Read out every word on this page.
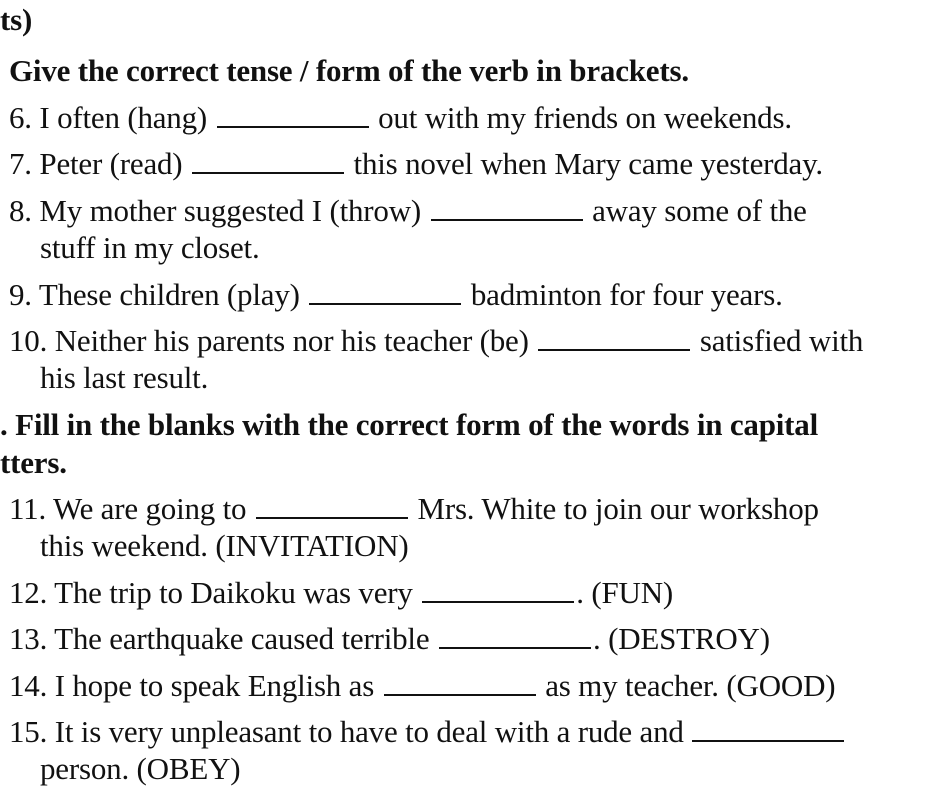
ts)
Give the correct tense / form of the verb in brackets.
6. I often (hang)	out with my friends on weekends.
7. Peter (read)	this novel when Mary came yesterday.
8. My mother suggested I (throw)	away some of the
stuff in my closet.
9. These children (play)	badminton for four years.
10. Neither his parents nor his teacher (be)	satisfied with
his last result.
. Fill in the blanks with the correct form of the words in capital
tters.
11. We are going to	Mrs. White to join our workshop
this weekend. (INVITATION)
12. The trip to Daikoku was very	. (FUN)
13. The earthquake caused terrible	. (DESTROY)
14. I hope to speak English as	as my teacher. (GOOD)
15. It is very unpleasant to have to deal with a rude and
person. (OBEY)
